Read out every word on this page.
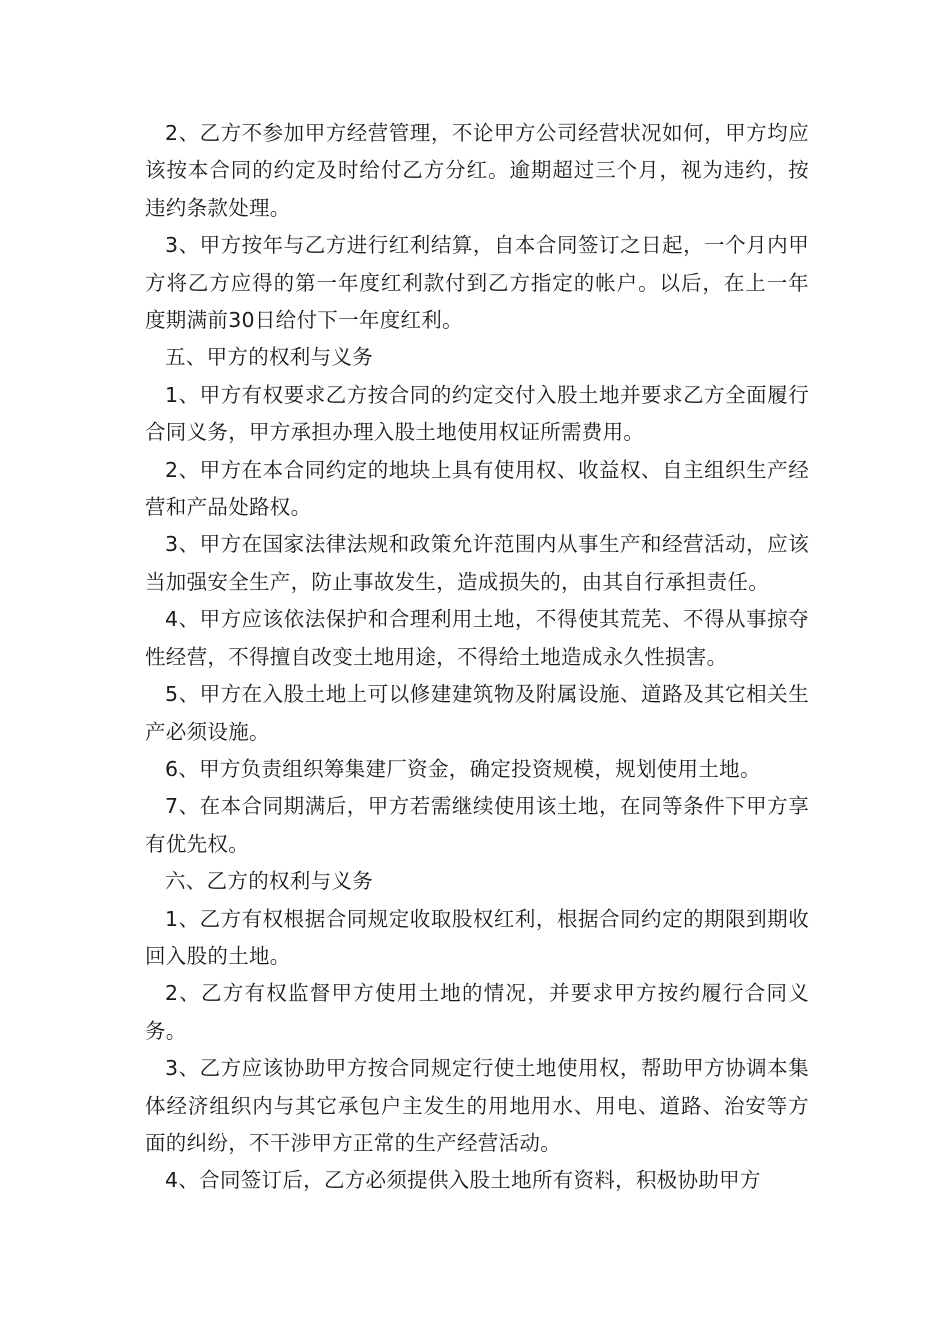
2、乙方不参加甲方经营管理，不论甲方公司经营状况如何，甲方均应该按本合同的约定及时给付乙方分红。逾期超过三个月，视为违约，按违约条款处理。

3、甲方按年与乙方进行红利结算，自本合同签订之日起，一个月内甲方将乙方应得的第一年度红利款付到乙方指定的帐户。以后，在上一年度期满前30日给付下一年度红利。

五、甲方的权利与义务

1、甲方有权要求乙方按合同的约定交付入股土地并要求乙方全面履行合同义务，甲方承担办理入股土地使用权证所需费用。

2、甲方在本合同约定的地块上具有使用权、收益权、自主组织生产经营和产品处路权。

3、甲方在国家法律法规和政策允许范围内从事生产和经营活动，应该当加强安全生产，防止事故发生，造成损失的，由其自行承担责任。

4、甲方应该依法保护和合理利用土地，不得使其荒芜、不得从事掠夺性经营，不得擅自改变土地用途，不得给土地造成永久性损害。

5、甲方在入股土地上可以修建建筑物及附属设施、道路及其它相关生产必须设施。

6、甲方负责组织筹集建厂资金，确定投资规模，规划使用土地。

7、在本合同期满后，甲方若需继续使用该土地，在同等条件下甲方享有优先权。

六、乙方的权利与义务

1、乙方有权根据合同规定收取股权红利，根据合同约定的期限到期收回入股的土地。

2、乙方有权监督甲方使用土地的情况，并要求甲方按约履行合同义务。

3、乙方应该协助甲方按合同规定行使土地使用权，帮助甲方协调本集体经济组织内与其它承包户主发生的用地用水、用电、道路、治安等方面的纠纷，不干涉甲方正常的生产经营活动。

4、合同签订后，乙方必须提供入股土地所有资料，积极协助甲方
